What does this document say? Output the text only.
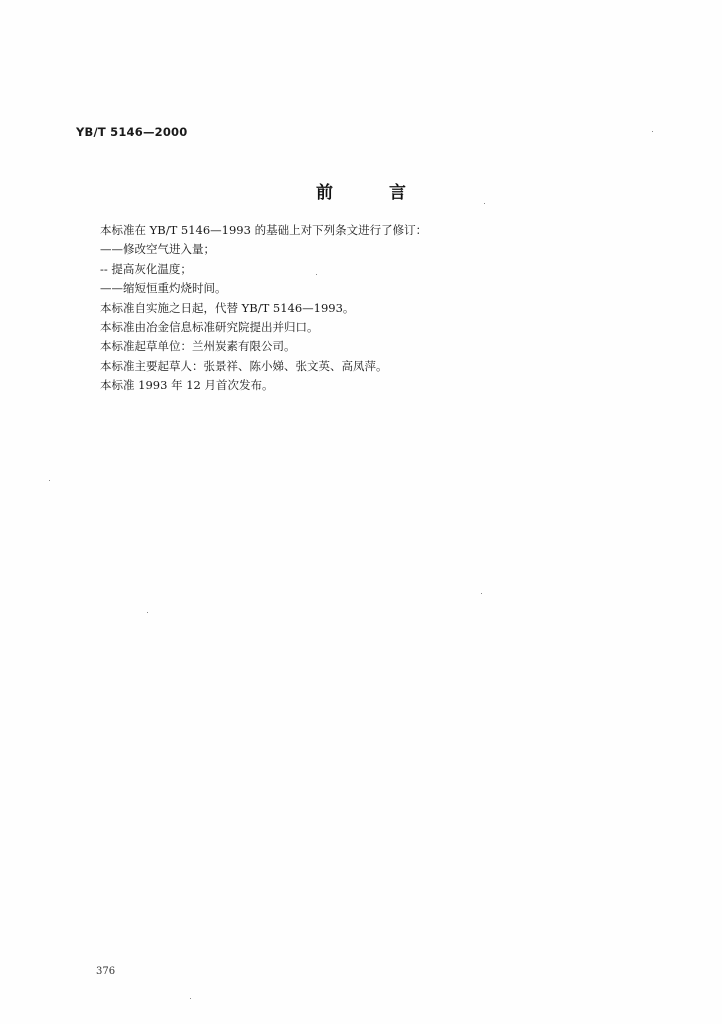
YB/T 5146—2000
前	言
本标准在 YB/T 5146—1993 的基础上对下列条文进行了修订：
——修改空气进入量；
-- 提高灰化温度；
——缩短恒重灼烧时间。
本标准自实施之日起，代替 YB/T 5146—1993。
本标准由冶金信息标准研究院提出并归口。
本标准起草单位：兰州炭素有限公司。
本标准主要起草人：张景祥、陈小娣、张文英、高凤萍。
本标准 1993 年 12 月首次发布。
376
